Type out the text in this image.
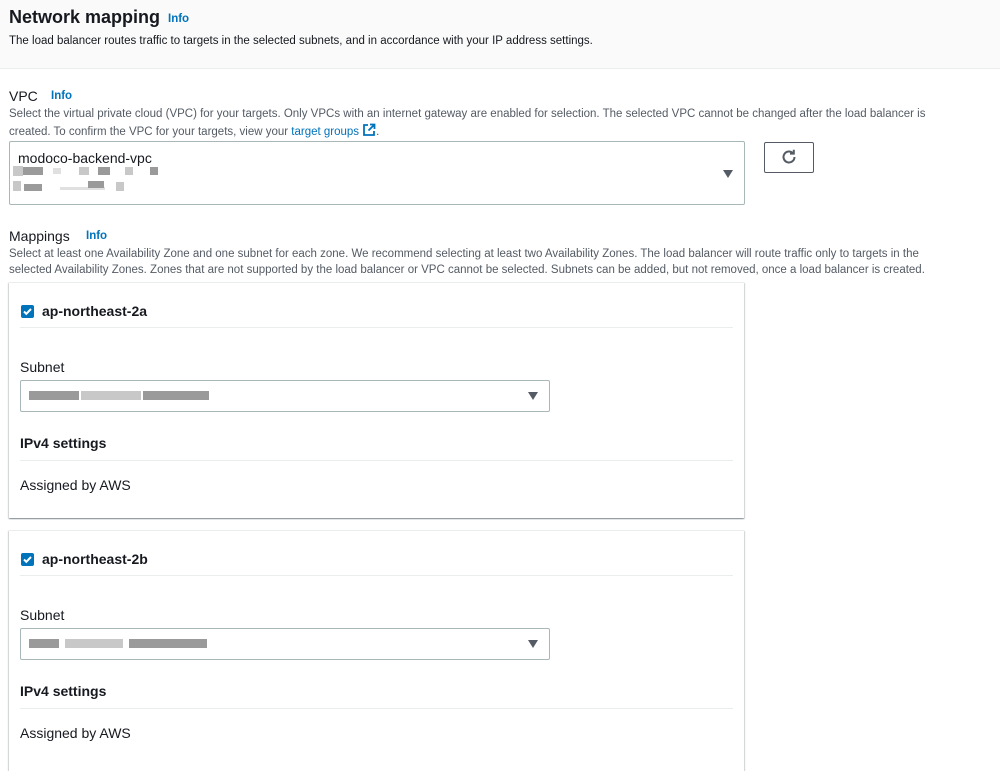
Network mapping Info
The load balancer routes traffic to targets in the selected subnets, and in accordance with your IP address settings.
VPC Info
Select the virtual private cloud (VPC) for your targets. Only VPCs with an internet gateway are enabled for selection. The selected VPC cannot be changed after the load balancer is
created. To confirm the VPC for your targets, view your target groups .
modoco-backend-vpc
Mappings Info
Select at least one Availability Zone and one subnet for each zone. We recommend selecting at least two Availability Zones. The load balancer will route traffic only to targets in the
selected Availability Zones. Zones that are not supported by the load balancer or VPC cannot be selected. Subnets can be added, but not removed, once a load balancer is created.
ap-northeast-2a
Subnet
IPv4 settings
Assigned by AWS
ap-northeast-2b
Subnet
IPv4 settings
Assigned by AWS
